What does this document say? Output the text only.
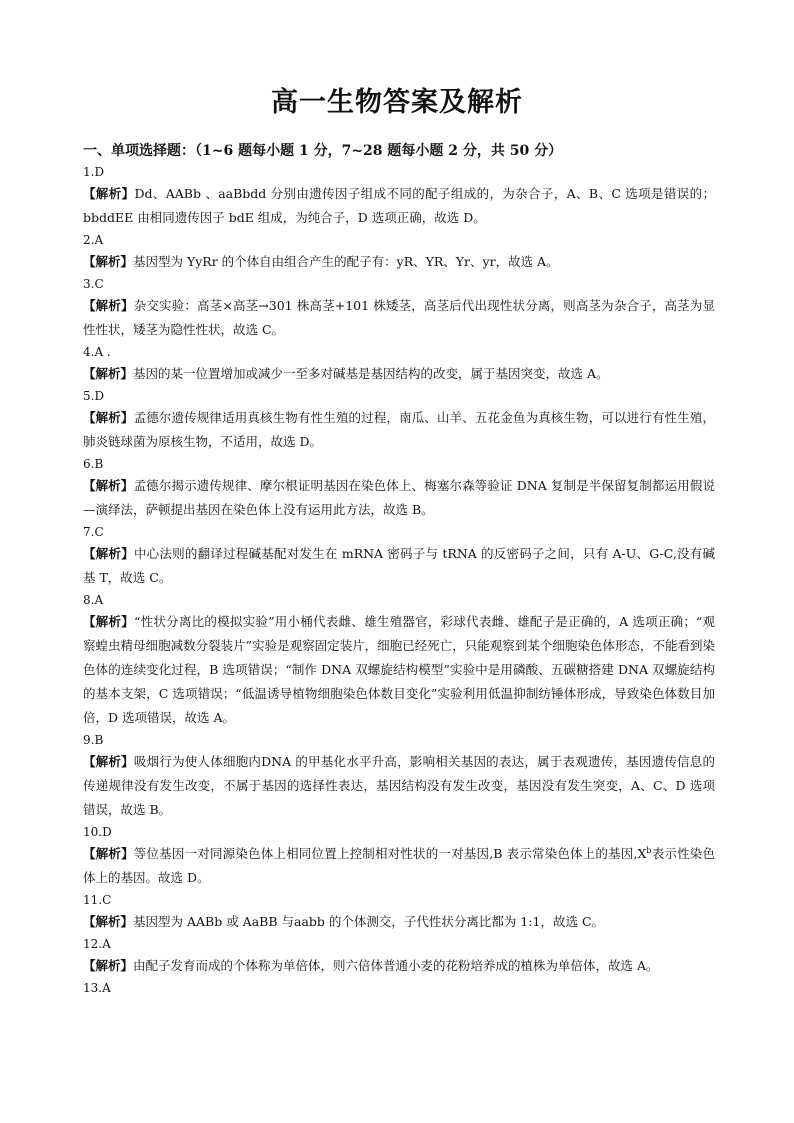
高一生物答案及解析
一、单项选择题：（1~6 题每小题 1 分，7~28 题每小题 2 分，共 50 分）

1.D

【解析】Dd、AABb 、aaBbdd 分别由遗传因子组成不同的配子组成的，为杂合子，A、B、C 选项是错误的；bbddEE 由相同遗传因子 bdE 组成，为纯合子，D 选项正确，故选 D。

2.A

【解析】基因型为 YyRr 的个体自由组合产生的配子有：yR、YR、Yr、yr，故选 A。

3.C

【解析】杂交实验：高茎×高茎→301 株高茎+101 株矮茎，高茎后代出现性状分离，则高茎为杂合子，高茎为显性性状，矮茎为隐性性状，故选 C。

4.A .

【解析】基因的某一位置增加或减少一至多对碱基是基因结构的改变，属于基因突变，故选 A。

5.D

【解析】孟德尔遗传规律适用真核生物有性生殖的过程，南瓜、山羊、五花金鱼为真核生物，可以进行有性生殖，肺炎链球菌为原核生物，不适用，故选 D。

6.B

【解析】孟德尔揭示遗传规律、摩尔根证明基因在染色体上、梅塞尔森等验证 DNA 复制是半保留复制都运用假说—演绎法，萨顿提出基因在染色体上没有运用此方法，故选 B。

7.C

【解析】中心法则的翻译过程碱基配对发生在 mRNA 密码子与 tRNA 的反密码子之间，只有 A-U、G-C,没有碱基 T，故选 C。

8.A

【解析】“性状分离比的模拟实验”用小桶代表雌、雄生殖器官，彩球代表雌、雄配子是正确的，A 选项正确；“观察蝗虫精母细胞减数分裂装片”实验是观察固定装片，细胞已经死亡，只能观察到某个细胞染色体形态，不能看到染色体的连续变化过程，B 选项错误；“制作 DNA 双螺旋结构模型”实验中是用磷酸、五碳糖搭建 DNA 双螺旋结构的基本支架，C 选项错误；“低温诱导植物细胞染色体数目变化”实验利用低温抑制纺锤体形成，导致染色体数目加倍，D 选项错误，故选 A。

9.B

【解析】吸烟行为使人体细胞内DNA 的甲基化水平升高，影响相关基因的表达，属于表观遗传，基因遗传信息的传递规律没有发生改变，不属于基因的选择性表达，基因结构没有发生改变，基因没有发生突变，A、C、D 选项错误，故选 B。

10.D

【解析】等位基因一对同源染色体上相同位置上控制相对性状的一对基因,B 表示常染色体上的基因$,X^b$表示性染色体上的基因。故选 D。

11.C

【解析】基因型为 AABb 或 AaBB 与aabb 的个体测交，子代性状分离比都为 1:1，故选 C。

12.A

【解析】由配子发育而成的个体称为单倍体，则六倍体普通小麦的花粉培养成的植株为单倍体，故选 A。

13.A
